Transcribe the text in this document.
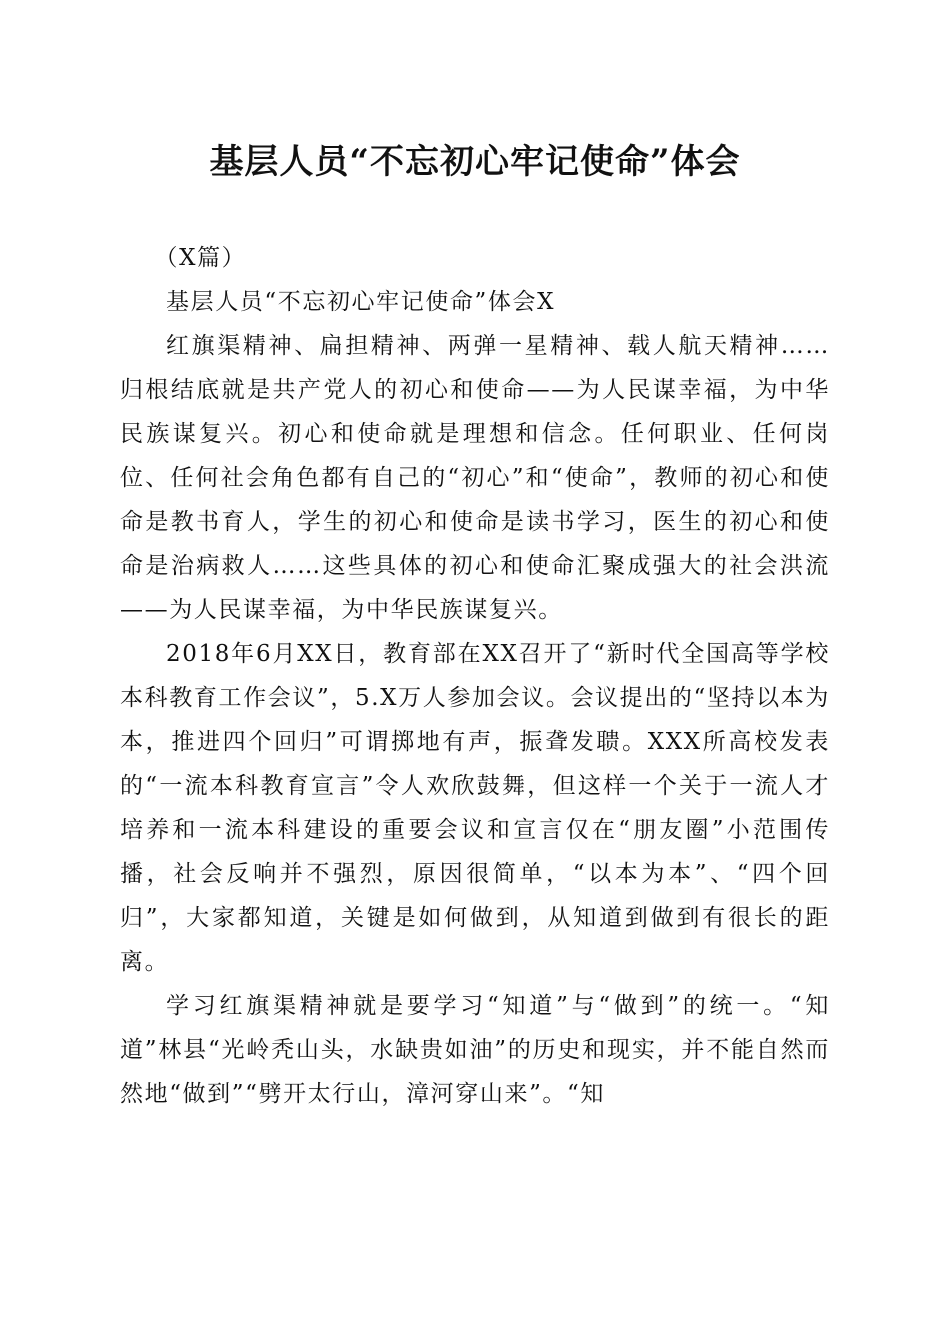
基层人员“不忘初心牢记使命”体会

（X篇）

基层人员“不忘初心牢记使命”体会X

红旗渠精神、扁担精神、两弹一星精神、载人航天精神……归根结底就是共产党人的初心和使命——为人民谋幸福，为中华民族谋复兴。初心和使命就是理想和信念。任何职业、任何岗位、任何社会角色都有自己的“初心”和“使命”，教师的初心和使命是教书育人，学生的初心和使命是读书学习，医生的初心和使命是治病救人……这些具体的初心和使命汇聚成强大的社会洪流——为人民谋幸福，为中华民族谋复兴。

2018年6月XX日，教育部在XX召开了“新时代全国高等学校本科教育工作会议”，5.X万人参加会议。会议提出的“坚持以本为本，推进四个回归”可谓掷地有声，振聋发聩。XXX所高校发表的“一流本科教育宣言”令人欢欣鼓舞，但这样一个关于一流人才培养和一流本科建设的重要会议和宣言仅在“朋友圈”小范围传播，社会反响并不强烈，原因很简单，“以本为本”、“四个回归”，大家都知道，关键是如何做到，从知道到做到有很长的距离。

学习红旗渠精神就是要学习“知道”与“做到”的统一。“知道”林县“光岭秃山头，水缺贵如油”的历史和现实，并不能自然而然地“做到”“劈开太行山，漳河穿山来”。“知
